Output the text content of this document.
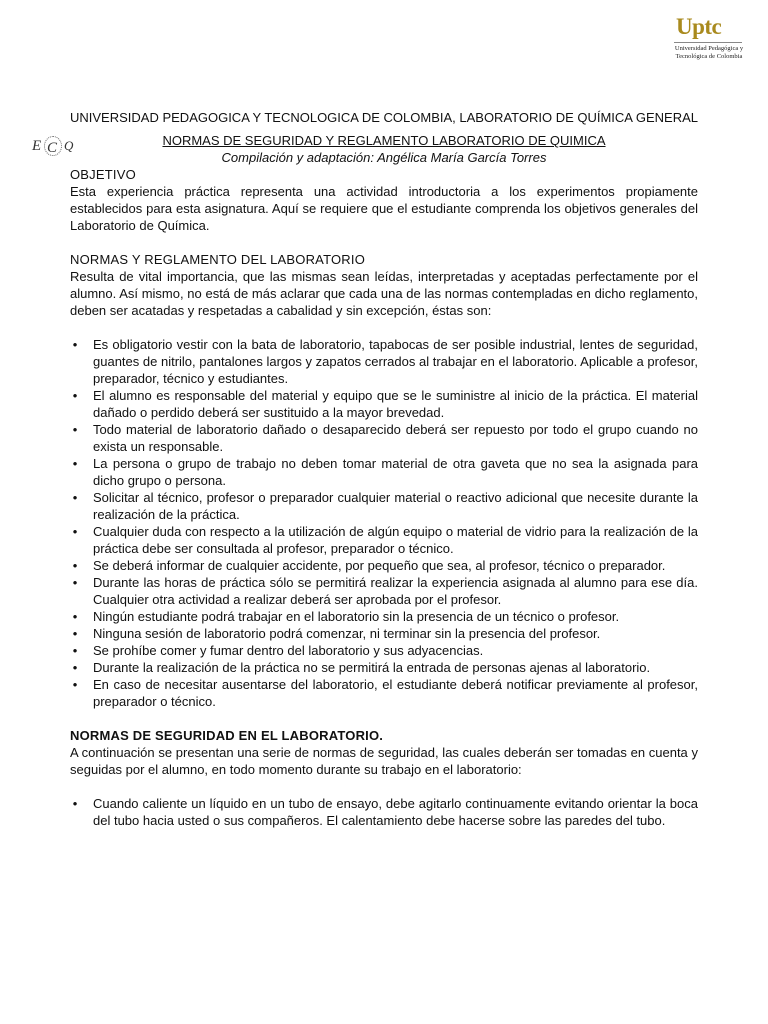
Uptc
Universidad Pedagógica y Tecnológica de Colombia
E C Q
UNIVERSIDAD PEDAGOGICA Y TECNOLOGICA DE COLOMBIA, LABORATORIO DE QUÍMICA GENERAL
NORMAS DE SEGURIDAD Y REGLAMENTO LABORATORIO DE QUIMICA
Compilación y adaptación: Angélica María García Torres
OBJETIVO
Esta experiencia práctica representa una actividad introductoria a los experimentos propiamente establecidos para esta asignatura. Aquí se requiere que el estudiante comprenda los objetivos generales del Laboratorio de Química.
NORMAS Y REGLAMENTO DEL LABORATORIO
Resulta de vital importancia, que las mismas sean leídas, interpretadas y aceptadas perfectamente por el alumno. Así mismo, no está de más aclarar que cada una de las normas contempladas en dicho reglamento, deben ser acatadas y respetadas a cabalidad y sin excepción, éstas son:
• Es obligatorio vestir con la bata de laboratorio, tapabocas de ser posible industrial, lentes de seguridad, guantes de nitrilo, pantalones largos y zapatos cerrados al trabajar en el laboratorio. Aplicable a profesor, preparador, técnico y estudiantes.
• El alumno es responsable del material y equipo que se le suministre al inicio de la práctica. El material dañado o perdido deberá ser sustituido a la mayor brevedad.
• Todo material de laboratorio dañado o desaparecido deberá ser repuesto por todo el grupo cuando no exista un responsable.
• La persona o grupo de trabajo no deben tomar material de otra gaveta que no sea la asignada para dicho grupo o persona.
• Solicitar al técnico, profesor o preparador cualquier material o reactivo adicional que necesite durante la realización de la práctica.
• Cualquier duda con respecto a la utilización de algún equipo o material de vidrio para la realización de la práctica debe ser consultada al profesor, preparador o técnico.
• Se deberá informar de cualquier accidente, por pequeño que sea, al profesor, técnico o preparador.
• Durante las horas de práctica sólo se permitirá realizar la experiencia asignada al alumno para ese día. Cualquier otra actividad a realizar deberá ser aprobada por el profesor.
• Ningún estudiante podrá trabajar en el laboratorio sin la presencia de un técnico o profesor.
• Ninguna sesión de laboratorio podrá comenzar, ni terminar sin la presencia del profesor.
• Se prohíbe comer y fumar dentro del laboratorio y sus adyacencias.
• Durante la realización de la práctica no se permitirá la entrada de personas ajenas al laboratorio.
• En caso de necesitar ausentarse del laboratorio, el estudiante deberá notificar previamente al profesor, preparador o técnico.
NORMAS DE SEGURIDAD EN EL LABORATORIO.
A continuación se presentan una serie de normas de seguridad, las cuales deberán ser tomadas en cuenta y seguidas por el alumno, en todo momento durante su trabajo en el laboratorio:
• Cuando caliente un líquido en un tubo de ensayo, debe agitarlo continuamente evitando orientar la boca del tubo hacia usted o sus compañeros. El calentamiento debe hacerse sobre las paredes del tubo.
